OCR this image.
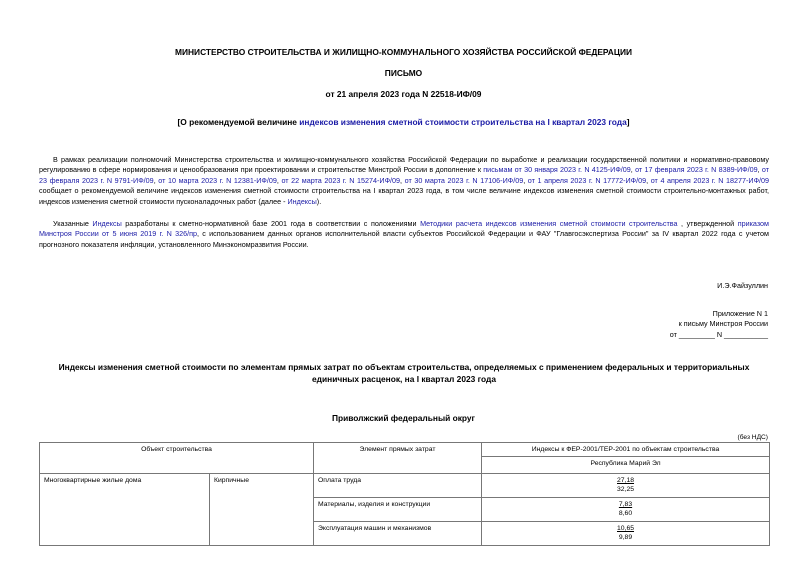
МИНИСТЕРСТВО СТРОИТЕЛЬСТВА И ЖИЛИЩНО-КОММУНАЛЬНОГО ХОЗЯЙСТВА РОССИЙСКОЙ ФЕДЕРАЦИИ
ПИСЬМО
от 21 апреля 2023 года N 22518-ИФ/09
[О рекомендуемой величине индексов изменения сметной стоимости строительства на I квартал 2023 года]
В рамках реализации полномочий Министерства строительства и жилищно-коммунального хозяйства Российской Федерации по выработке и реализации государственной политики и нормативно-правовому регулированию в сфере нормирования и ценообразования при проектировании и строительстве Минстрой России в дополнение к письмам от 30 января 2023 г. N 4125-ИФ/09, от 17 февраля 2023 г. N 8389-ИФ/09, от 23 февраля 2023 г. N 9791-ИФ/09, от 10 марта 2023 г. N 12381-ИФ/09, от 22 марта 2023 г. N 15274-ИФ/09, от 30 марта 2023 г. N 17106-ИФ/09, от 1 апреля 2023 г. N 17772-ИФ/09, от 4 апреля 2023 г. N 18277-ИФ/09 сообщает о рекомендуемой величине индексов изменения сметной стоимости строительства на I квартал 2023 года, в том числе величине индексов изменения сметной стоимости строительно-монтажных работ, индексов изменения сметной стоимости пусконаладочных работ (далее - Индексы).
Указанные Индексы разработаны к сметно-нормативной базе 2001 года в соответствии с положениями Методики расчета индексов изменения сметной стоимости строительства , утвержденной приказом Минстроя России от 5 июня 2019 г. N 326/пр, с использованием данных органов исполнительной власти субъектов Российской Федерации и ФАУ "Главгосэкспертиза России" за IV квартал 2022 года с учетом прогнозного показателя инфляции, установленного Минэкономразвития России.
И.Э.Файзуллин
Приложение N 1
к письму Минстроя России
от _________ N ___________
Индексы изменения сметной стоимости по элементам прямых затрат по объектам строительства, определяемых с применением федеральных и территориальных единичных расценок, на I квартал 2023 года
Приволжский федеральный округ
(без НДС)
Объект строительства		Элемент прямых затрат	Индексы к ФЕР-2001/ТЕР-2001 по объектам строительства
			Республика Марий Эл
Многоквартирные жилые дома	Кирпичные	Оплата труда	27,18
32,25

		Материалы, изделия и конструкции	7,83
8,60

		Эксплуатация машин и механизмов	10,65
9,89
